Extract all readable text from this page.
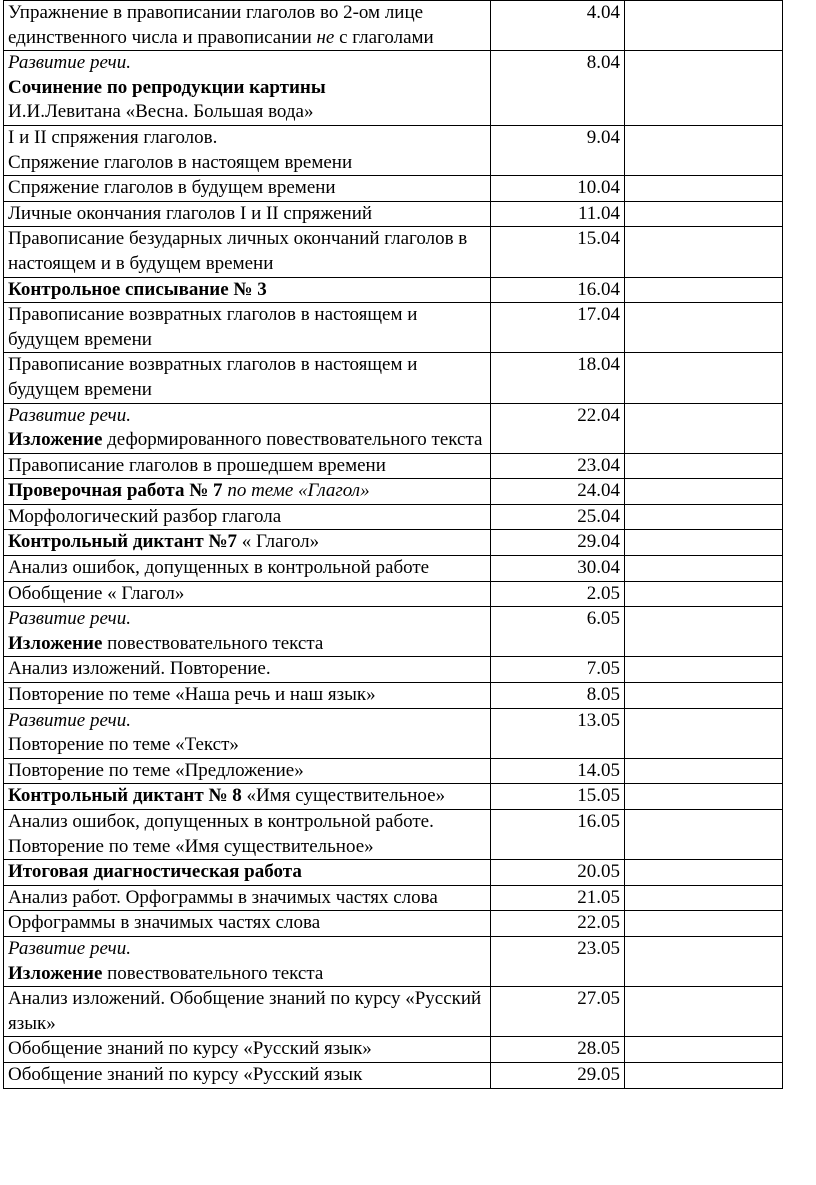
Упражнение в правописании глаголов во 2-ом лице единственного числа и правописании не с глаголами	4.04	

Развитие речи.
Сочинение по репродукции картины
И.И.Левитана «Весна. Большая вода»	8.04	

I и II спряжения глаголов.
Спряжение глаголов в настоящем времени	9.04	

Спряжение глаголов в будущем времени	10.04	

Личные окончания глаголов I и II спряжений	11.04	

Правописание безударных личных окончаний глаголов в настоящем и в будущем времени	15.04	

Контрольное списывание № 3	16.04	

Правописание возвратных глаголов в настоящем и будущем времени	17.04	

Правописание возвратных глаголов в настоящем и будущем времени	18.04	

Развитие речи.
Изложение деформированного повествовательного текста	22.04	

Правописание глаголов в прошедшем времени	23.04	

Проверочная работа № 7 по теме «Глагол»	24.04	

Морфологический разбор глагола	25.04	

Контрольный диктант №7 « Глагол»	29.04	

Анализ ошибок, допущенных в контрольной работе	30.04	

Обобщение « Глагол»	2.05	

Развитие речи.
Изложение повествовательного текста	6.05	

Анализ изложений. Повторение.	7.05	

Повторение по теме «Наша речь и наш язык»	8.05	

Развитие речи.
Повторение по теме «Текст»	13.05	

Повторение по теме «Предложение»	14.05	

Контрольный диктант № 8 «Имя существительное»	15.05	

Анализ ошибок, допущенных в контрольной работе.
Повторение по теме «Имя существительное»	16.05	

Итоговая диагностическая работа	20.05	

Анализ работ. Орфограммы в значимых частях слова	21.05	

Орфограммы в значимых частях слова	22.05	

Развитие речи.
Изложение повествовательного текста	23.05	

Анализ изложений. Обобщение знаний по курсу «Русский язык»	27.05	

Обобщение знаний по курсу «Русский язык»	28.05	

Обобщение знаний по курсу «Русский язык	29.05	
